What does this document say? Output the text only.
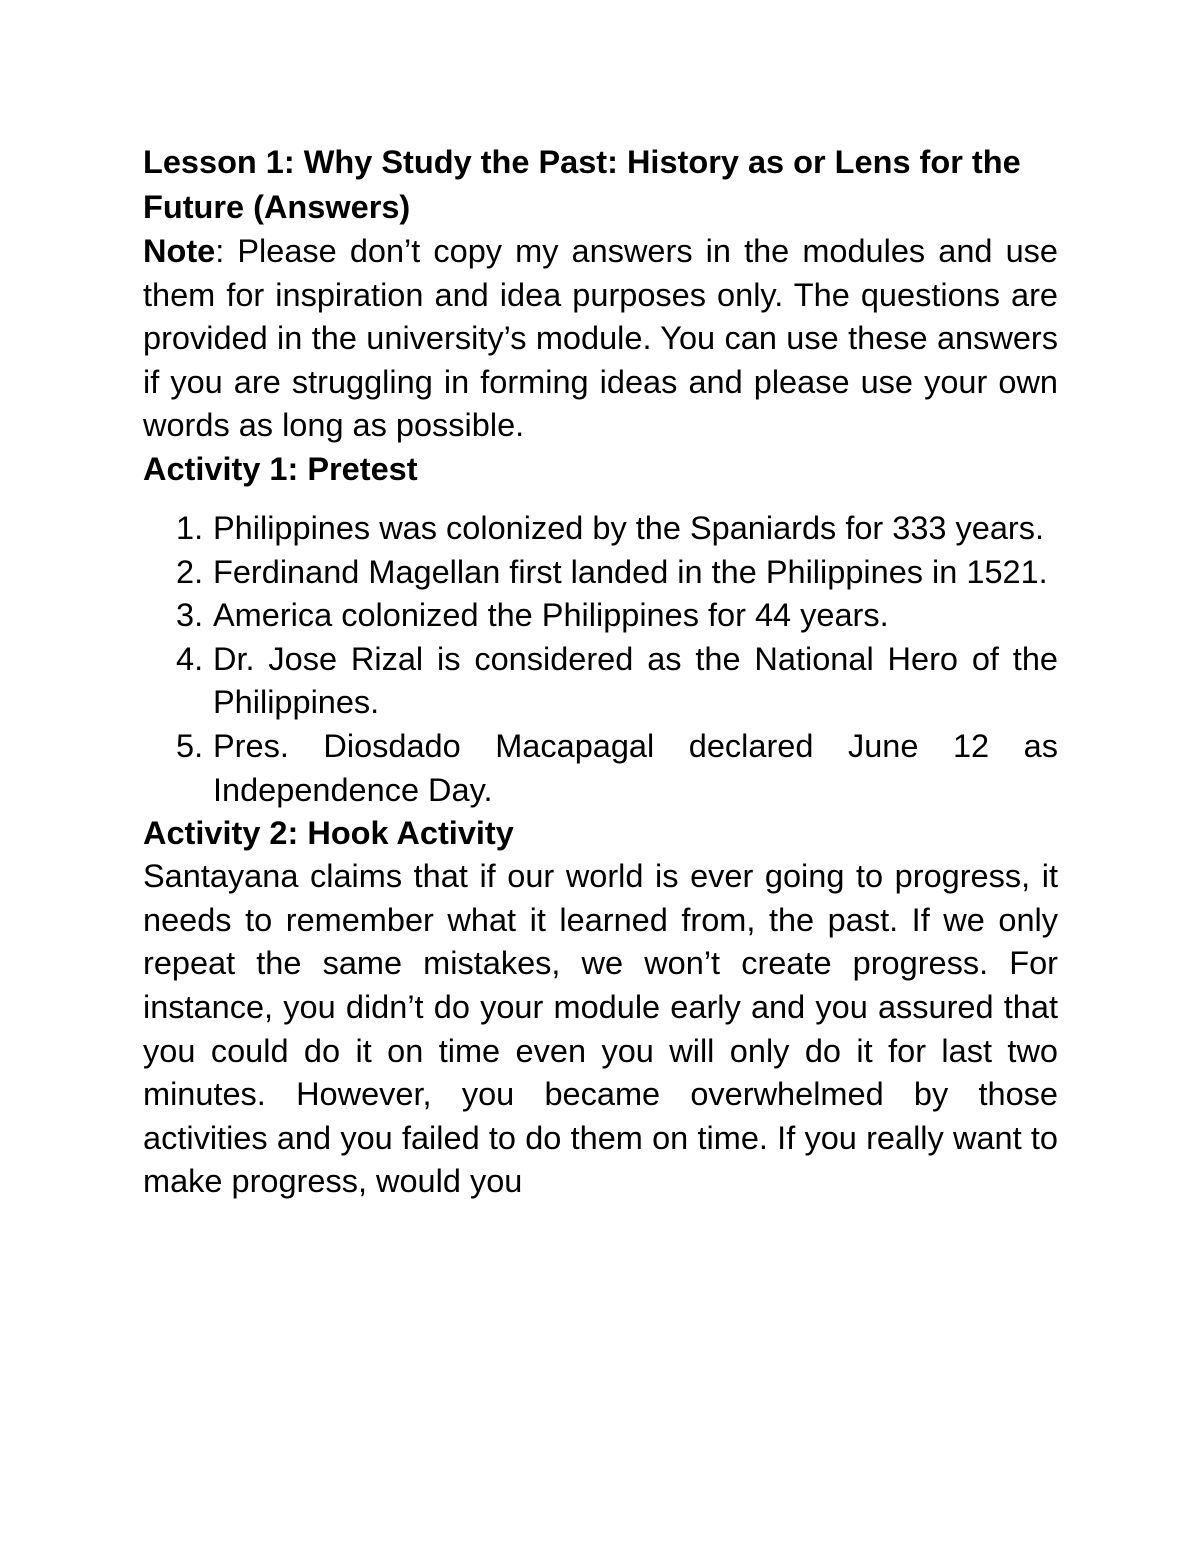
Lesson 1: Why Study the Past: History as or Lens for the Future (Answers)

Note: Please don’t copy my answers in the modules and use them for inspiration and idea purposes only. The questions are provided in the university’s module. You can use these answers if you are struggling in forming ideas and please use your own words as long as possible.

Activity 1: Pretest
1. Philippines was colonized by the Spaniards for 333 years.
2. Ferdinand Magellan first landed in the Philippines in 1521.
3. America colonized the Philippines for 44 years.
4. Dr. Jose Rizal is considered as the National Hero of the Philippines.
5. Pres. Diosdado Macapagal declared June 12 as Independence Day.
Activity 2: Hook Activity

Santayana claims that if our world is ever going to progress, it needs to remember what it learned from, the past. If we only repeat the same mistakes, we won’t create progress. For instance, you didn’t do your module early and you assured that you could do it on time even you will only do it for last two minutes. However, you became overwhelmed by those activities and you failed to do them on time. If you really want to make progress, would you
